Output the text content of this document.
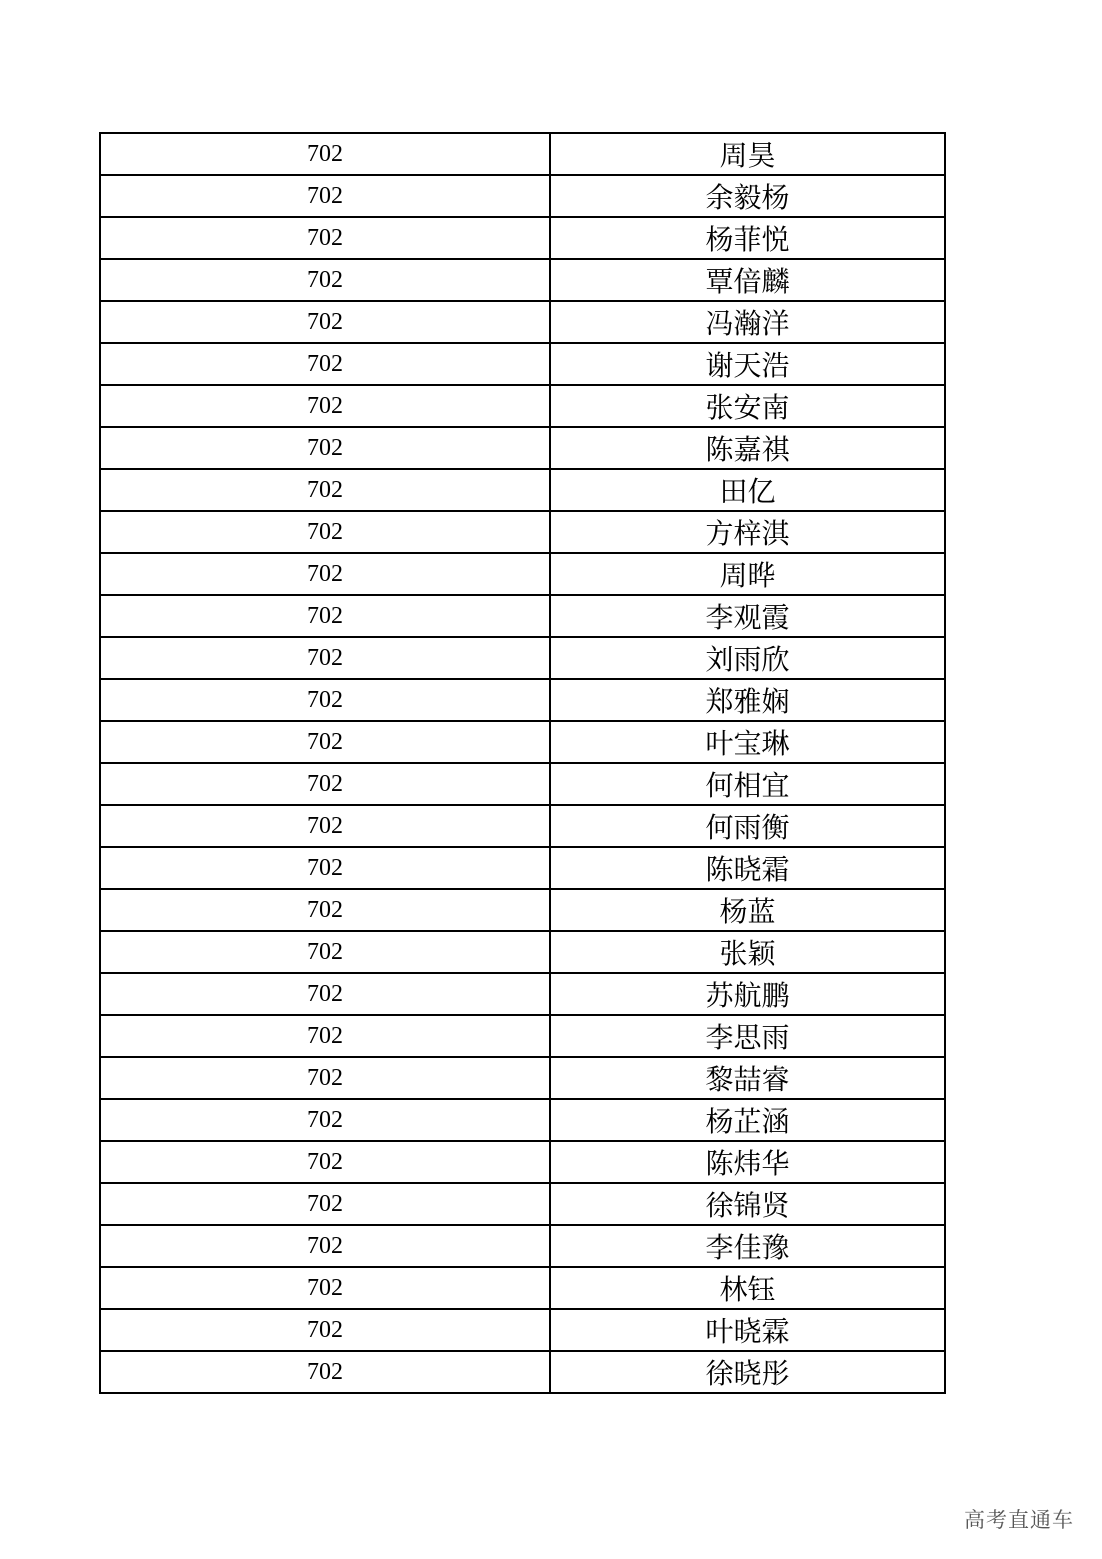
702	周昊
702	余毅杨
702	杨菲悦
702	覃偣麟
702	冯瀚洋
702	谢天浩
702	张安南
702	陈嘉祺
702	田亿
702	方梓淇
702	周晔
702	李观霞
702	刘雨欣
702	郑雅娴
702	叶宝琳
702	何相宜
702	何雨衡
702	陈晓霜
702	杨蓝
702	张颖
702	苏航鹏
702	李思雨
702	黎喆睿
702	杨芷涵
702	陈炜华
702	徐锦贤
702	李佳豫
702	林钰
702	叶晓霖
702	徐晓彤
高考直通车
